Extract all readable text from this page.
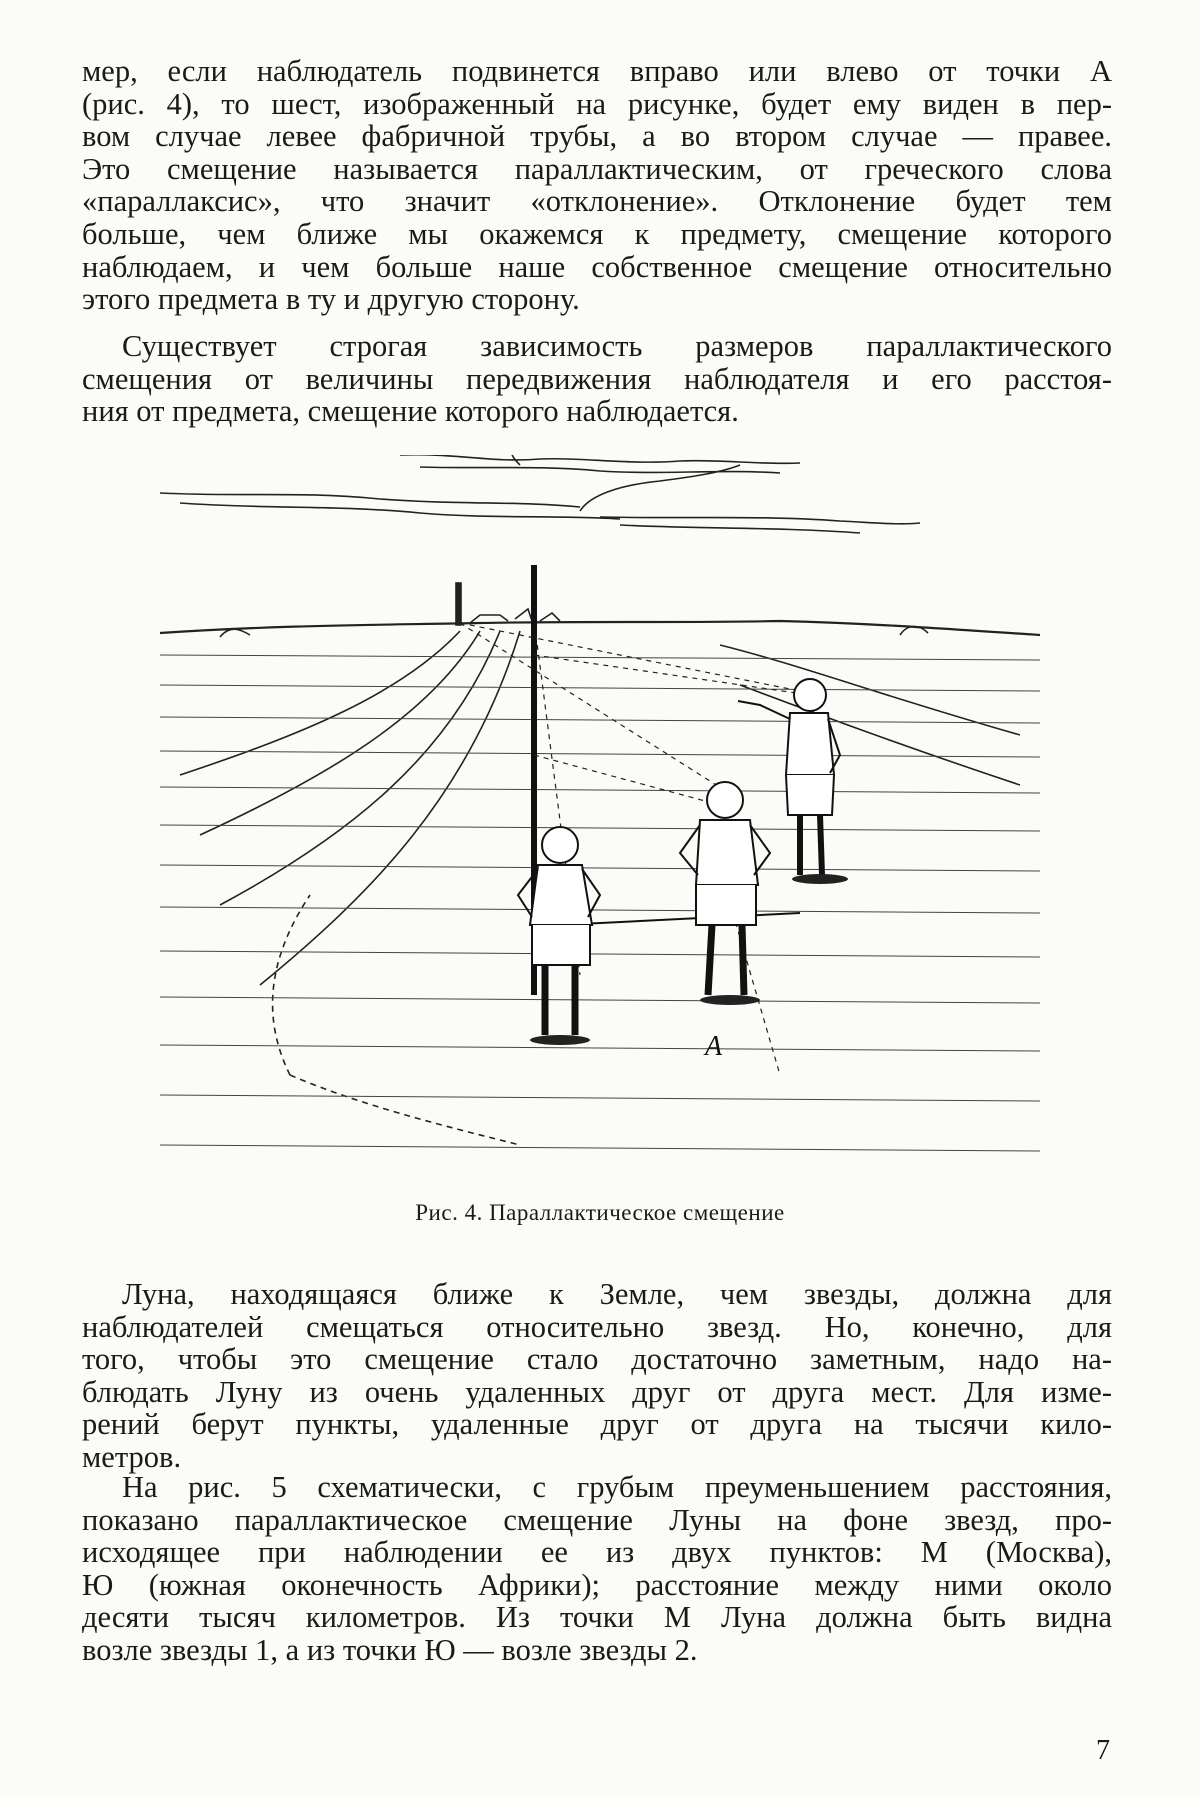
мер, если наблюдатель подвинется вправо или влево от точки A
(рис. 4), то шест, изображенный на рисунке, будет ему виден в пер-
вом случае левее фабричной трубы, а во втором случае — правее.
Это смещение называется параллактическим, от греческого слова
«параллаксис», что значит «отклонение». Отклонение будет тем
больше, чем ближе мы окажемся к предмету, смещение которого
наблюдаем, и чем больше наше собственное смещение относительно
этого предмета в ту и другую сторону.
Существует строгая зависимость размеров параллактического
смещения от величины передвижения наблюдателя и его расстоя-
ния от предмета, смещение которого наблюдается.
A
Рис. 4. Параллактическое смещение
Луна, находящаяся ближе к Земле, чем звезды, должна для
наблюдателей смещаться относительно звезд. Но, конечно, для
того, чтобы это смещение стало достаточно заметным, надо на-
блюдать Луну из очень удаленных друг от друга мест. Для изме-
рений берут пункты, удаленные друг от друга на тысячи кило-
метров.
На рис. 5 схематически, с грубым преуменьшением расстояния,
показано параллактическое смещение Луны на фоне звезд, про-
исходящее при наблюдении ее из двух пунктов: M (Москва),
Ю (южная оконечность Африки); расстояние между ними около
десяти тысяч километров. Из точки M Луна должна быть видна
возле звезды 1, а из точки Ю — возле звезды 2.
7
